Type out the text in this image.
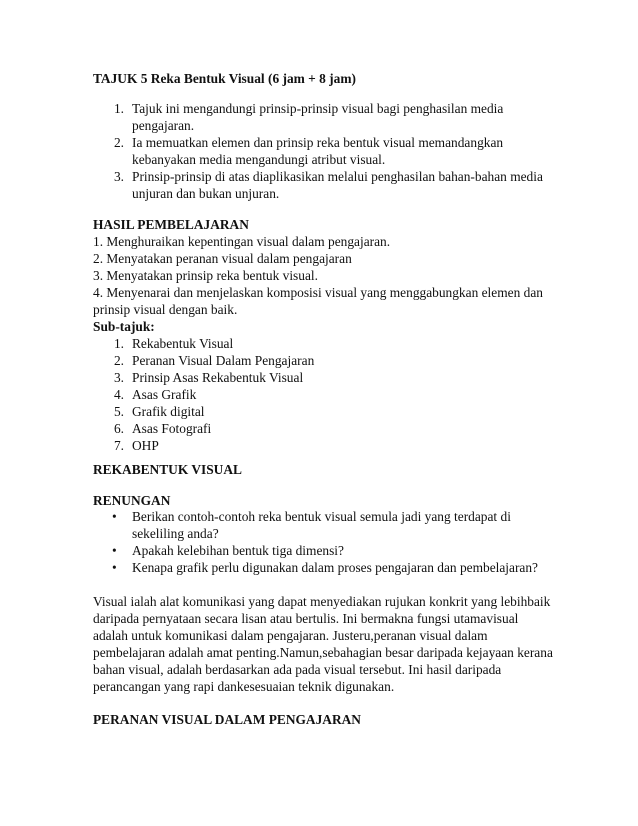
TAJUK 5 Reka Bentuk Visual (6 jam + 8 jam)
1. Tajuk ini mengandungi prinsip-prinsip visual bagi penghasilan media pengajaran.
2. Ia memuatkan elemen dan prinsip reka bentuk visual memandangkan kebanyakan media mengandungi atribut visual.
3. Prinsip-prinsip di atas diaplikasikan melalui penghasilan bahan-bahan media unjuran dan bukan unjuran.
HASIL PEMBELAJARAN

1. Menghuraikan kepentingan visual dalam pengajaran.

2. Menyatakan peranan visual dalam pengajaran

3. Menyatakan prinsip reka bentuk visual.

4. Menyenarai dan menjelaskan komposisi visual yang menggabungkan elemen dan prinsip visual dengan baik.

Sub-tajuk:
1. Rekabentuk Visual
2. Peranan Visual Dalam Pengajaran
3. Prinsip Asas Rekabentuk Visual
4. Asas Grafik
5. Grafik digital
6. Asas Fotografi
7. OHP
REKABENTUK VISUAL
RENUNGAN
•	Berikan contoh-contoh reka bentuk visual semula jadi yang terdapat di sekeliling anda?
•	Apakah kelebihan bentuk tiga dimensi?
•	Kenapa grafik perlu digunakan dalam proses pengajaran dan pembelajaran?

Visual ialah alat komunikasi yang dapat menyediakan rujukan konkrit yang lebihbaik daripada pernyataan secara lisan atau bertulis. Ini bermakna fungsi utamavisual adalah untuk komunikasi dalam pengajaran. Justeru,peranan visual dalam pembelajaran adalah amat penting.Namun,sebahagian besar daripada kejayaan kerana bahan visual, adalah berdasarkan ada pada visual tersebut. Ini hasil daripada perancangan yang rapi dankesesuaian teknik digunakan.

PERANAN VISUAL DALAM PENGAJARAN
